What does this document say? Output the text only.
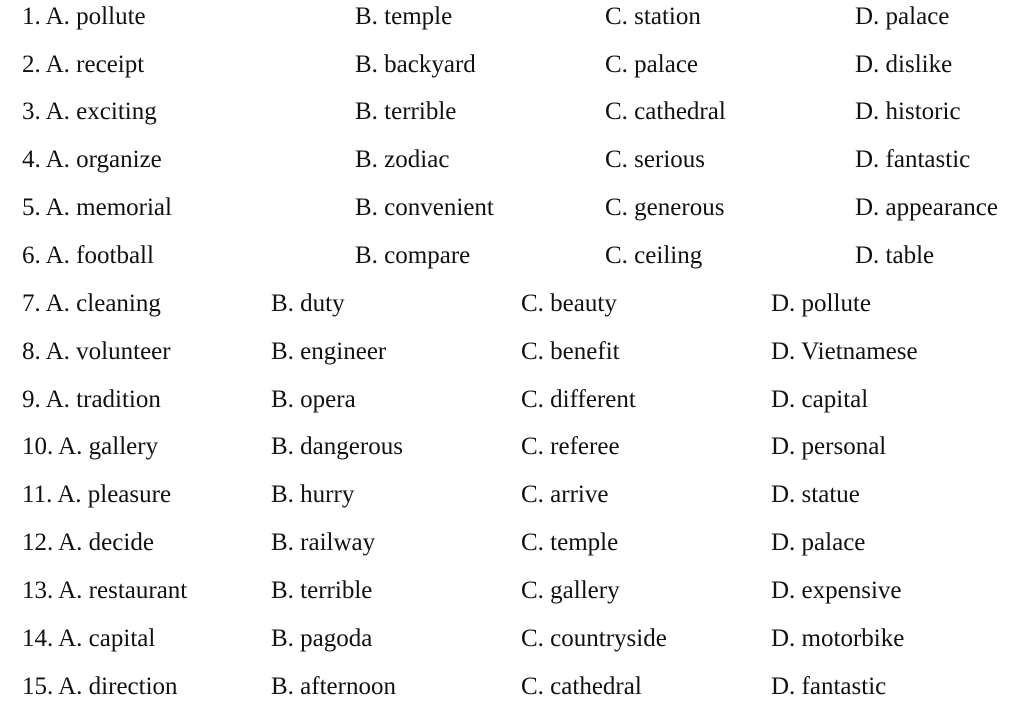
1. A. pollute	B. temple	C. station	D. palace
2. A. receipt	B. backyard	C. palace	D. dislike
3. A. exciting	B. terrible	C. cathedral	D. historic
4. A. organize	B. zodiac	C. serious	D. fantastic
5. A. memorial	B. convenient	C. generous	D. appearance
6. A. football	B. compare	C. ceiling	D. table
7. A. cleaning	B. duty	C. beauty	D. pollute
8. A. volunteer	B. engineer	C. benefit	D. Vietnamese
9. A. tradition	B. opera	C. different	D. capital
10. A. gallery	B. dangerous	C. referee	D. personal
11. A. pleasure	B. hurry	C. arrive	D. statue
12. A. decide	B. railway	C. temple	D. palace
13. A. restaurant	B. terrible	C. gallery	D. expensive
14. A. capital	B. pagoda	C. countryside	D. motorbike
15. A. direction	B. afternoon	C. cathedral	D. fantastic
